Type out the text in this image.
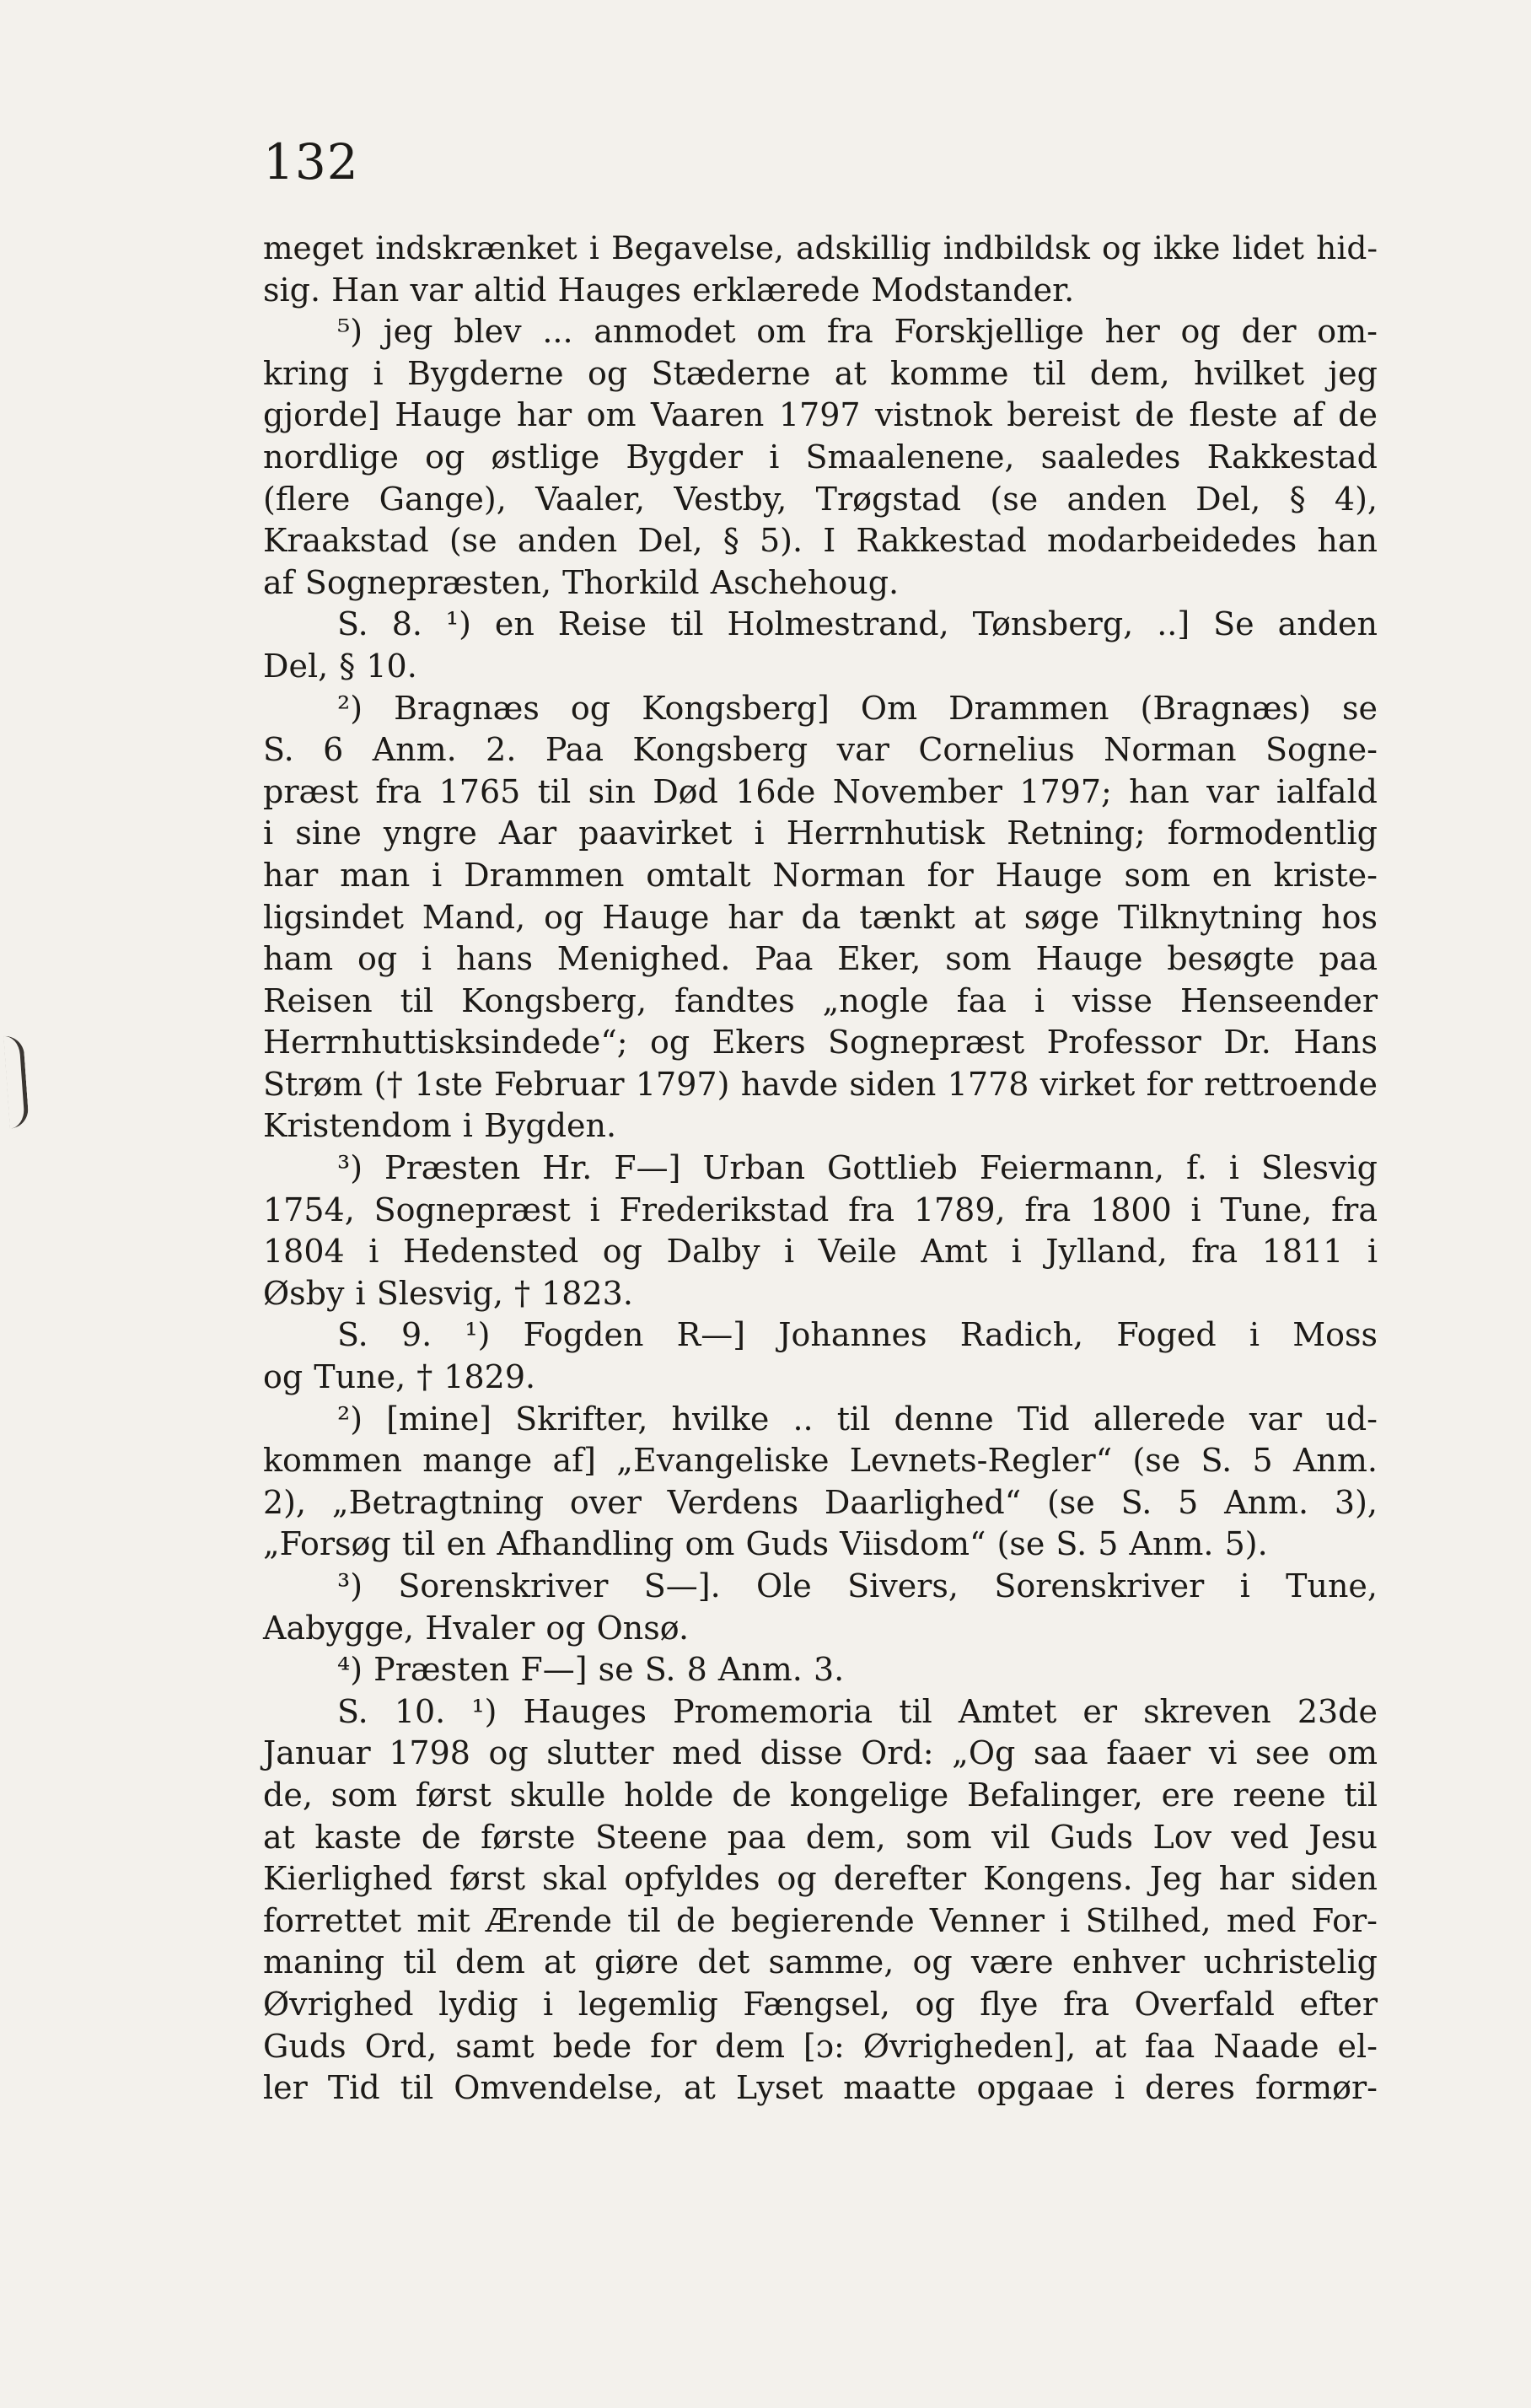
132
meget indskrænket i Begavelse, adskillig indbildsk og ikke lidet hid-
sig. Han var altid Hauges erklærede Modstander.
⁵) jeg blev ... anmodet om fra Forskjellige her og der om-
kring i Bygderne og Stæderne at komme til dem, hvilket jeg
gjorde] Hauge har om Vaaren 1797 vistnok bereist de fleste af de
nordlige og østlige Bygder i Smaalenene, saaledes Rakkestad
(flere Gange), Vaaler, Vestby, Trøgstad (se anden Del, § 4),
Kraakstad (se anden Del, § 5). I Rakkestad modarbeidedes han
af Sognepræsten, Thorkild Aschehoug.
S. 8. ¹) en Reise til Holmestrand, Tønsberg, ..] Se anden
Del, § 10.
²) Bragnæs og Kongsberg] Om Drammen (Bragnæs) se
S. 6 Anm. 2. Paa Kongsberg var Cornelius Norman Sogne-
præst fra 1765 til sin Død 16de November 1797; han var ialfald
i sine yngre Aar paavirket i Herrnhutisk Retning; formodentlig
har man i Drammen omtalt Norman for Hauge som en kriste-
ligsindet Mand, og Hauge har da tænkt at søge Tilknytning hos
ham og i hans Menighed. Paa Eker, som Hauge besøgte paa
Reisen til Kongsberg, fandtes „nogle faa i visse Henseender
Herrnhuttisksindede“; og Ekers Sognepræst Professor Dr. Hans
Strøm († 1ste Februar 1797) havde siden 1778 virket for rettroende
Kristendom i Bygden.
³) Præsten Hr. F—] Urban Gottlieb Feiermann, f. i Slesvig
1754, Sognepræst i Frederikstad fra 1789, fra 1800 i Tune, fra
1804 i Hedensted og Dalby i Veile Amt i Jylland, fra 1811 i
Øsby i Slesvig, † 1823.
S. 9. ¹) Fogden R—] Johannes Radich, Foged i Moss
og Tune, † 1829.
²) [mine] Skrifter, hvilke .. til denne Tid allerede var ud-
kommen mange af] „Evangeliske Levnets-Regler“ (se S. 5 Anm.
2), „Betragtning over Verdens Daarlighed“ (se S. 5 Anm. 3),
„Forsøg til en Afhandling om Guds Viisdom“ (se S. 5 Anm. 5).
³) Sorenskriver S—]. Ole Sivers, Sorenskriver i Tune,
Aabygge, Hvaler og Onsø.
⁴) Præsten F—] se S. 8 Anm. 3.
S. 10. ¹) Hauges Promemoria til Amtet er skreven 23de
Januar 1798 og slutter med disse Ord: „Og saa faaer vi see om
de, som først skulle holde de kongelige Befalinger, ere reene til
at kaste de første Steene paa dem, som vil Guds Lov ved Jesu
Kierlighed først skal opfyldes og derefter Kongens. Jeg har siden
forrettet mit Ærende til de begierende Venner i Stilhed, med For-
maning til dem at giøre det samme, og være enhver uchristelig
Øvrighed lydig i legemlig Fængsel, og flye fra Overfald efter
Guds Ord, samt bede for dem [ɔ: Øvrigheden], at faa Naade el-
ler Tid til Omvendelse, at Lyset maatte opgaae i deres formør-
